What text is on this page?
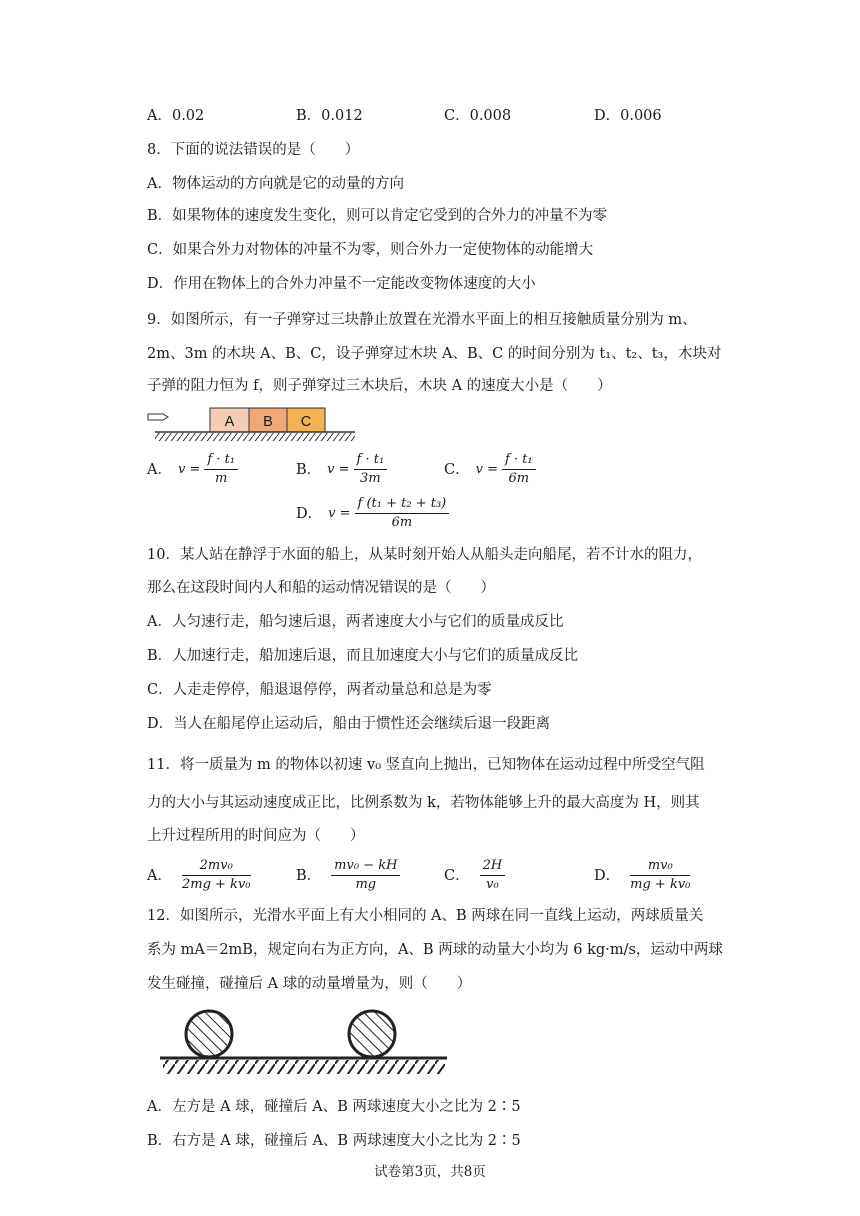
A．0.02	B．0.012	C．0.008	D．0.006
8．下面的说法错误的是（　　）
A．物体运动的方向就是它的动量的方向
B．如果物体的速度发生变化，则可以肯定它受到的合外力的冲量不为零
C．如果合外力对物体的冲量不为零，则合外力一定使物体的动能增大
D．作用在物体上的合外力冲量不一定能改变物体速度的大小
9．如图所示，有一子弹穿过三块静止放置在光滑水平面上的相互接触质量分别为 m、
2m、3m 的木块 A、B、C，设子弹穿过木块 A、B、C 的时间分别为 t₁、t₂、t₃，木块对
子弹的阻力恒为 f，则子弹穿过三木块后，木块 A 的速度大小是（　　）
A	B	C
A． $v = \frac{\text{f · t₁}}{m}$	B． $v = \frac{\text{f · t₁}}{3m}$	C． $v = \frac{\text{f · t₁}}{6m}$
D． $v = \frac{\text{f (t₁ + t₂ + t₃)}}{6m}$
10．某人站在静浮于水面的船上，从某时刻开始人从船头走向船尾，若不计水的阻力，
那么在这段时间内人和船的运动情况错误的是（　　）
A．人匀速行走，船匀速后退，两者速度大小与它们的质量成反比
B．人加速行走，船加速后退，而且加速度大小与它们的质量成反比
C．人走走停停，船退退停停，两者动量总和总是为零
D．当人在船尾停止运动后，船由于惯性还会继续后退一段距离
11．将一质量为 m 的物体以初速 v₀ 竖直向上抛出，已知物体在运动过程中所受空气阻
力的大小与其运动速度成正比，比例系数为 k，若物体能够上升的最大高度为 H，则其
上升过程所用的时间应为（　　）
A． $\frac{\text{2mv₀}}{\text{2mg + kv₀}}$	B． $\frac{\text{mv₀ − kH}}{mg}$	C． $\frac{2H}{\text{v₀}}$	D． $\frac{\text{mv₀}}{\text{mg + kv₀}}$
12．如图所示，光滑水平面上有大小相同的 A、B 两球在同一直线上运动，两球质量关
系为 mA＝2mB，规定向右为正方向，A、B 两球的动量大小均为 6 kg·m/s，运动中两球
发生碰撞，碰撞后 A 球的动量增量为，则（　　）
A．左方是 A 球，碰撞后 A、B 两球速度大小之比为 2∶5
B．右方是 A 球，碰撞后 A、B 两球速度大小之比为 2∶5
试卷第3页，共8页
